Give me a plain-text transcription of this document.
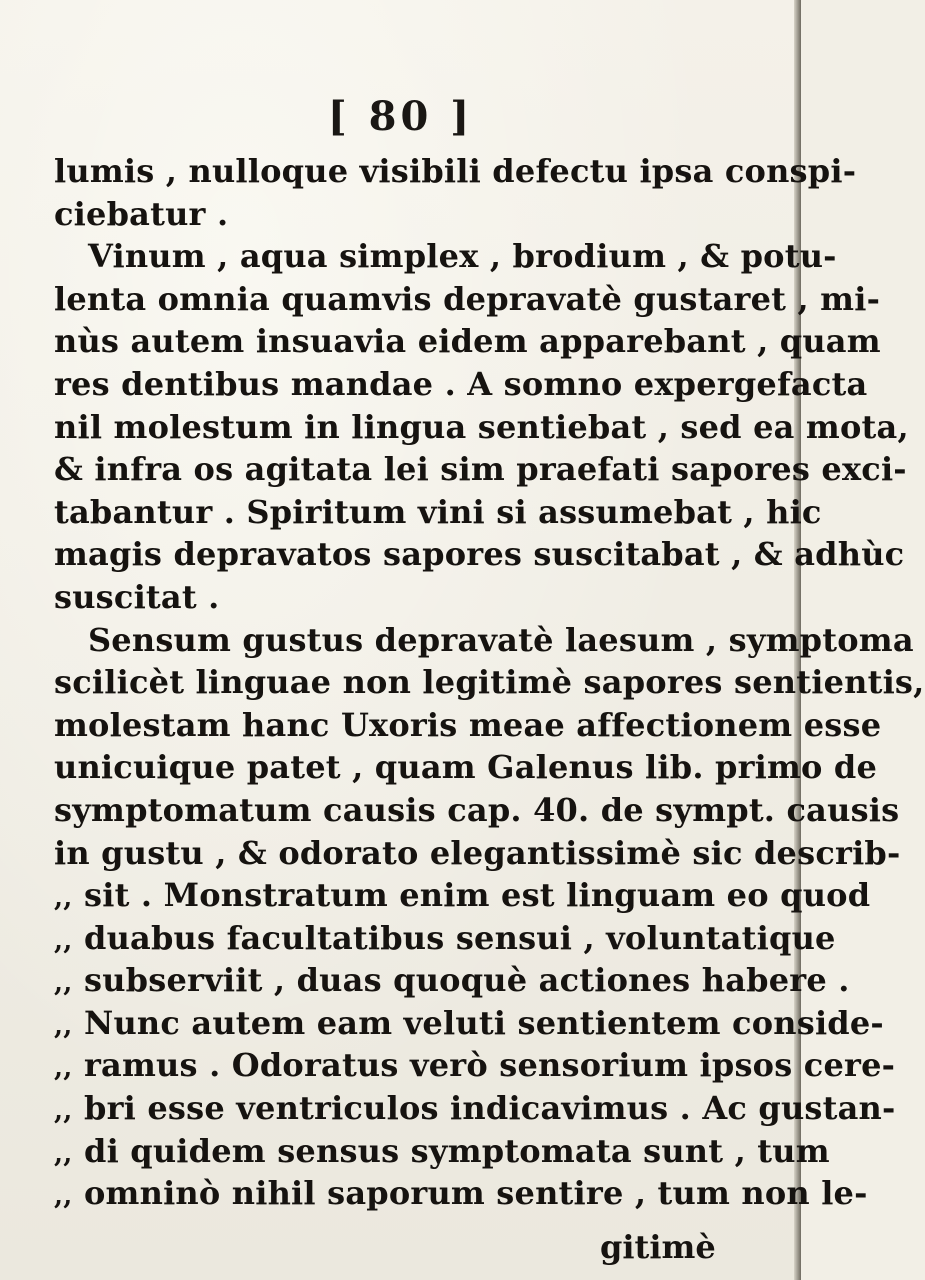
[ 80 ]
lumis , nulloque visibili defectu ipsa conspi-
ciebatur .
Vinum , aqua simplex , brodium , & potu-
lenta omnia quamvis depravatè gustaret , mi-
nùs autem insuavia eidem apparebant , quam
res dentibus mandae . A somno expergefacta
nil molestum in lingua sentiebat , sed ea mota,
& infra os agitata lei sim praefati sapores exci-
tabantur . Spiritum vini si assumebat , hic
magis depravatos sapores suscitabat , & adhùc
suscitat .
Sensum gustus depravatè laesum , symptoma
scilicèt linguae non legitimè sapores sentientis,
molestam hanc Uxoris meae affectionem esse
unicuique patet , quam Galenus lib. primo de
symptomatum causis cap. 40. de sympt. causis
in gustu , & odorato elegantissimè sic describ-
,, sit . Monstratum enim est linguam eo quod
,, duabus facultatibus sensui , voluntatique
,, subserviit , duas quoquè actiones habere .
,, Nunc autem eam veluti sentientem conside-
,, ramus . Odoratus verò sensorium ipsos cere-
,, bri esse ventriculos indicavimus . Ac gustan-
,, di quidem sensus symptomata sunt , tum
,, omninò nihil saporum sentire , tum non le-
gitimè
